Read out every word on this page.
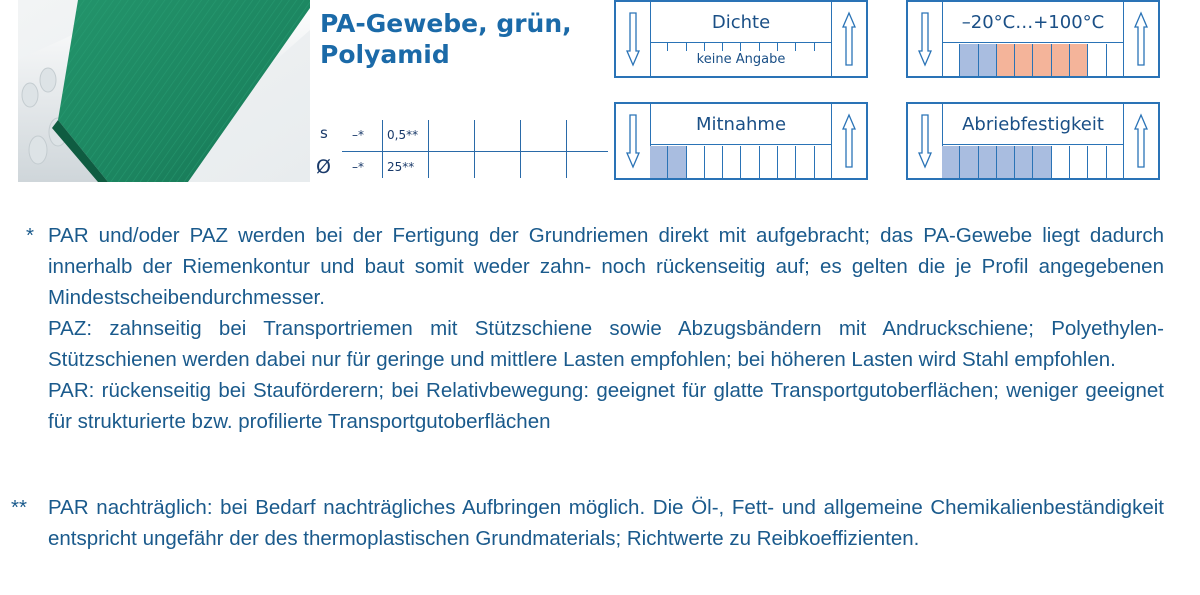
PA-Gewebe, grün,
Polyamid
s
Ø
–* 0,5**
–* 25**
Dichte
keine Angabe
–20°C…+100°C
Mitnahme	Abriebfestigkeit
* PAR und/oder PAZ werden bei der Fertigung der Grundriemen direkt mit aufgebracht; das PA-Gewebe liegt dadurch innerhalb der Riemenkontur und baut somit weder zahn- noch rückenseitig auf; es gelten die je Profil angegebenen Mindestscheibendurchmesser.

PAZ: zahnseitig bei Transportriemen mit Stützschiene sowie Abzugsbändern mit Andruckschiene; Polyethylen-Stützschienen werden dabei nur für geringe und mittlere Lasten empfohlen; bei höheren Lasten wird Stahl empfohlen.

PAR: rückenseitig bei Stauförderern; bei Relativbewegung: geeignet für glatte Transportgutoberflächen; weniger geeignet für strukturierte bzw. profilierte Transportgutoberflächen

** PAR nachträglich: bei Bedarf nachträgliches Aufbringen möglich. Die Öl-, Fett- und allgemeine Chemikalienbeständigkeit entspricht ungefähr der des thermoplastischen Grundmaterials; Richtwerte zu Reibkoeffizienten.
